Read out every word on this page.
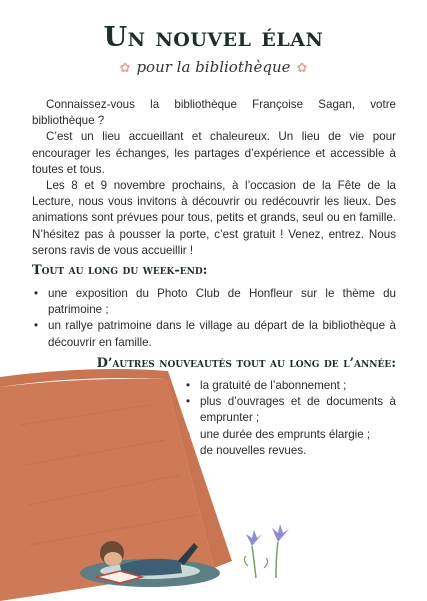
Un nouvel élan
✿ pour la bibliothèque ✿

Connaissez-vous la bibliothèque Françoise Sagan, votre bibliothèque ?

C’est un lieu accueillant et chaleureux. Un lieu de vie pour encourager les échanges, les partages d’expérience et accessible à toutes et tous.

Les 8 et 9 novembre prochains, à l’occasion de la Fête de la Lecture, nous vous invitons à découvrir ou redécouvrir les lieux. Des animations sont prévues pour tous, petits et grands, seul ou en famille. N’hésitez pas à pousser la porte, c’est gratuit ! Venez, entrez. Nous serons ravis de vous accueillir !

Tout au long du week-end:
• une exposition du Photo Club de Honfleur sur le thème du patrimoine ;
• un rallye patrimoine dans le village au départ de la bibliothèque à découvrir en famille.
D’autres nouveautés tout au long de l’année:
• la gratuité de l’abonnement ;
• plus d’ouvrages et de documents à emprunter ;
• une durée des emprunts élargie ;
• de nouvelles revues.
